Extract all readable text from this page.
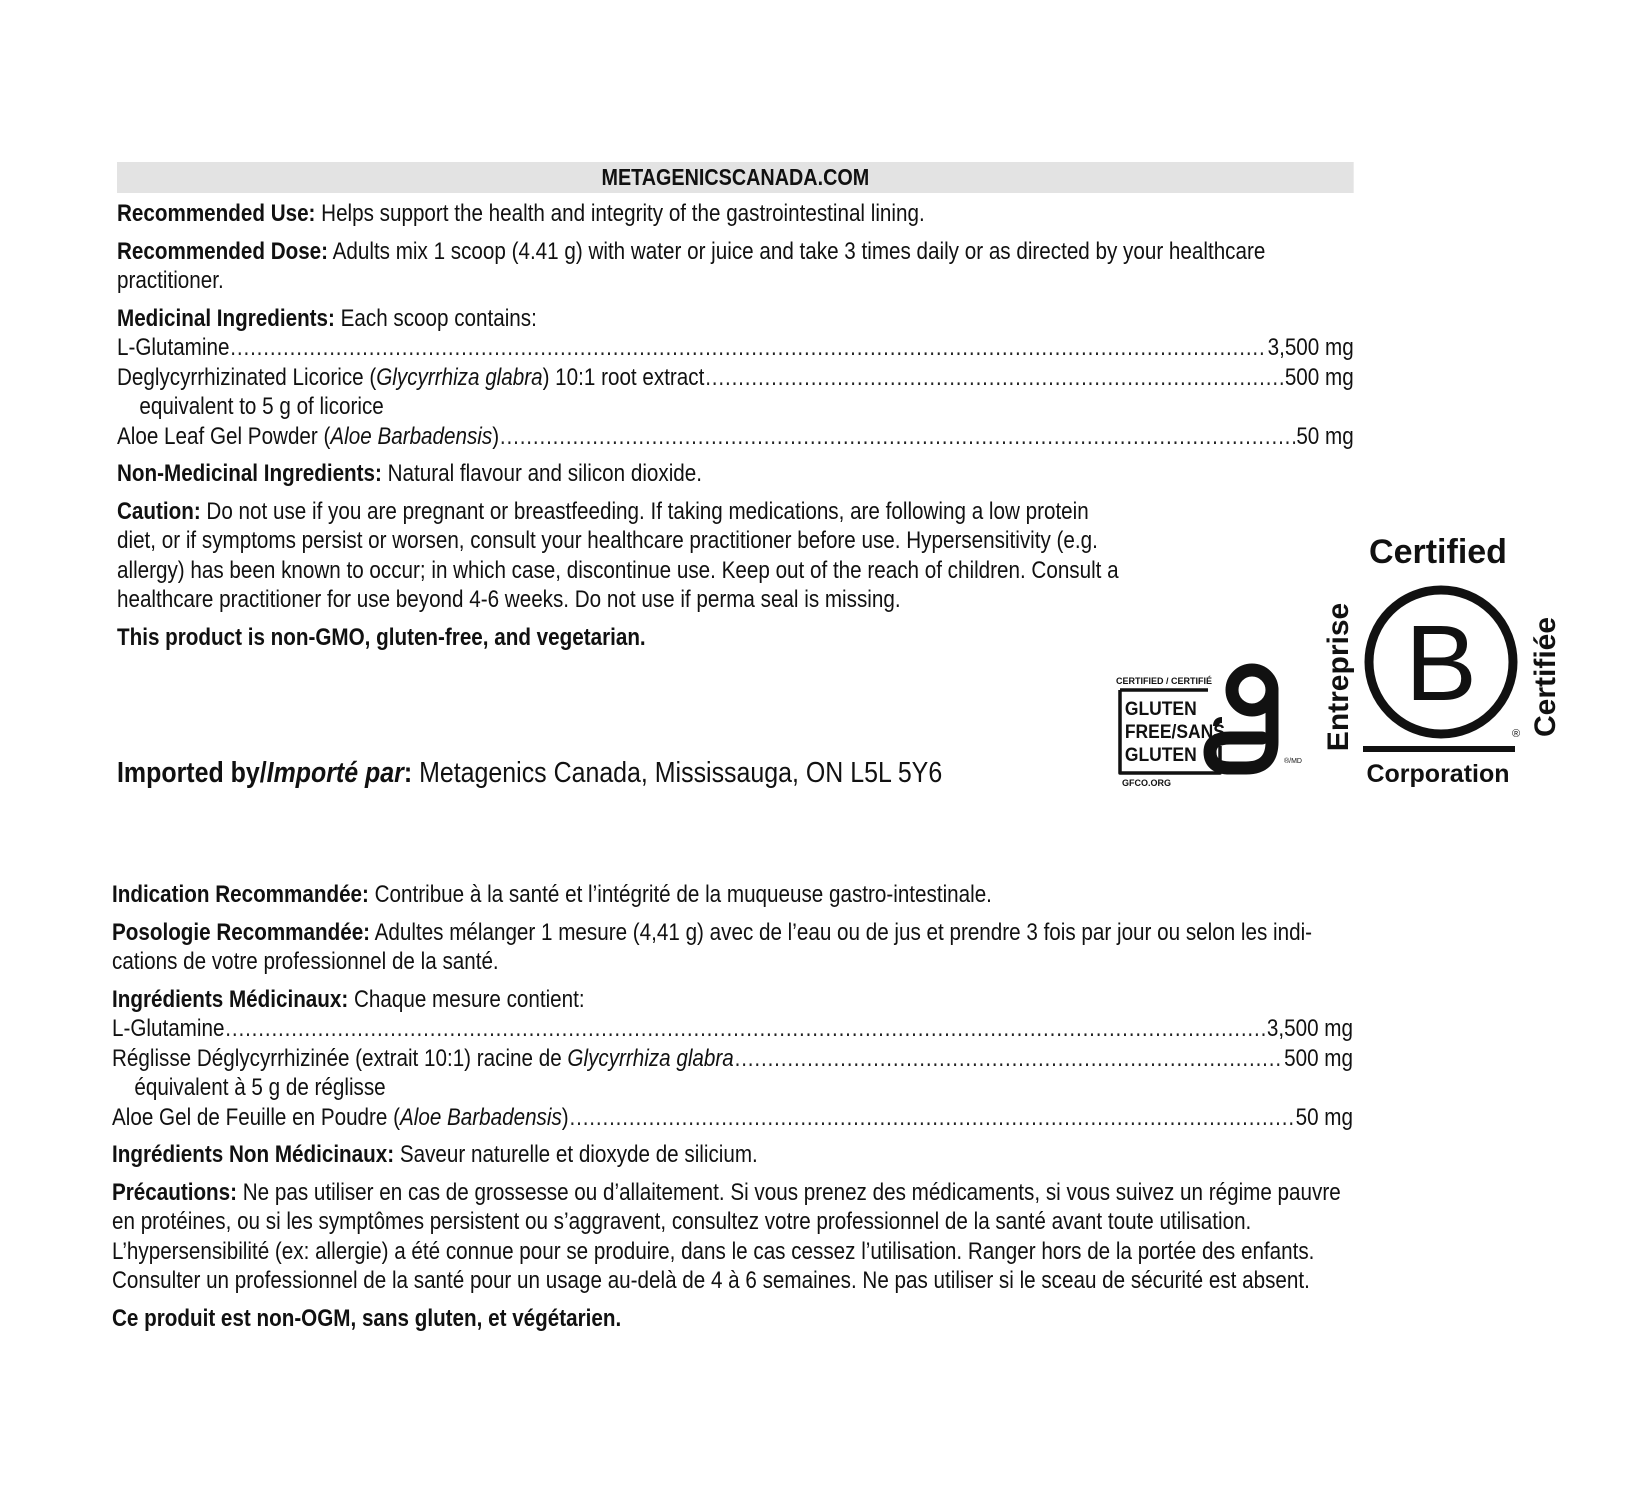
METAGENICSCANADA.COM
Recommended Use: Helps support the health and integrity of the gastrointestinal lining.
Recommended Dose: Adults mix 1 scoop (4.41 g) with water or juice and take 3 times daily or as directed by your healthcare practitioner.
Medicinal Ingredients: Each scoop contains:
L-Glutamine .....	3,500 mg
Deglycyrrhizinated Licorice (Glycyrrhiza glabra) 10:1 root extract .....	500 mg
equivalent to 5 g of licorice
Aloe Leaf Gel Powder (Aloe Barbadensis) .....	50 mg
Non-Medicinal Ingredients: Natural flavour and silicon dioxide.
Caution: Do not use if you are pregnant or breastfeeding. If taking medications, are following a low protein diet, or if symptoms persist or worsen, consult your healthcare practitioner before use. Hypersensitivity (e.g. allergy) has been known to occur; in which case, discontinue use. Keep out of the reach of children. Consult a healthcare practitioner for use beyond 4-6 weeks. Do not use if perma seal is missing.
This product is non-GMO, gluten-free, and vegetarian.
Imported by/Importé par: Metagenics Canada, Mississauga, ON L5L 5Y6
CERTIFIED / CERTIFIÉ
GLUTEN
FREE/SANS
GLUTEN	®/MD
GFCO.ORG
Certified
Entreprise	Certifiée
B
®
Corporation
Indication Recommandée: Contribue à la santé et l’intégrité de la muqueuse gastro-intestinale.
Posologie Recommandée: Adultes mélanger 1 mesure (4,41 g) avec de l’eau ou de jus et prendre 3 fois par jour ou selon les indi-cations de votre professionnel de la santé.
Ingrédients Médicinaux: Chaque mesure contient:
L-Glutamine .....	3,500 mg
Réglisse Déglycyrrhizinée (extrait 10:1) racine de Glycyrrhiza glabra .....	500 mg
équivalent à 5 g de réglisse
Aloe Gel de Feuille en Poudre (Aloe Barbadensis) .....	50 mg
Ingrédients Non Médicinaux: Saveur naturelle et dioxyde de silicium.
Précautions: Ne pas utiliser en cas de grossesse ou d’allaitement. Si vous prenez des médicaments, si vous suivez un régime pauvre en protéines, ou si les symptômes persistent ou s’aggravent, consultez votre professionnel de la santé avant toute utilisation. L’hypersensibilité (ex: allergie) a été connue pour se produire, dans le cas cessez l’utilisation. Ranger hors de la portée des enfants. Consulter un professionnel de la santé pour un usage au-delà de 4 à 6 semaines. Ne pas utiliser si le sceau de sécurité est absent.
Ce produit est non-OGM, sans gluten, et végétarien.
